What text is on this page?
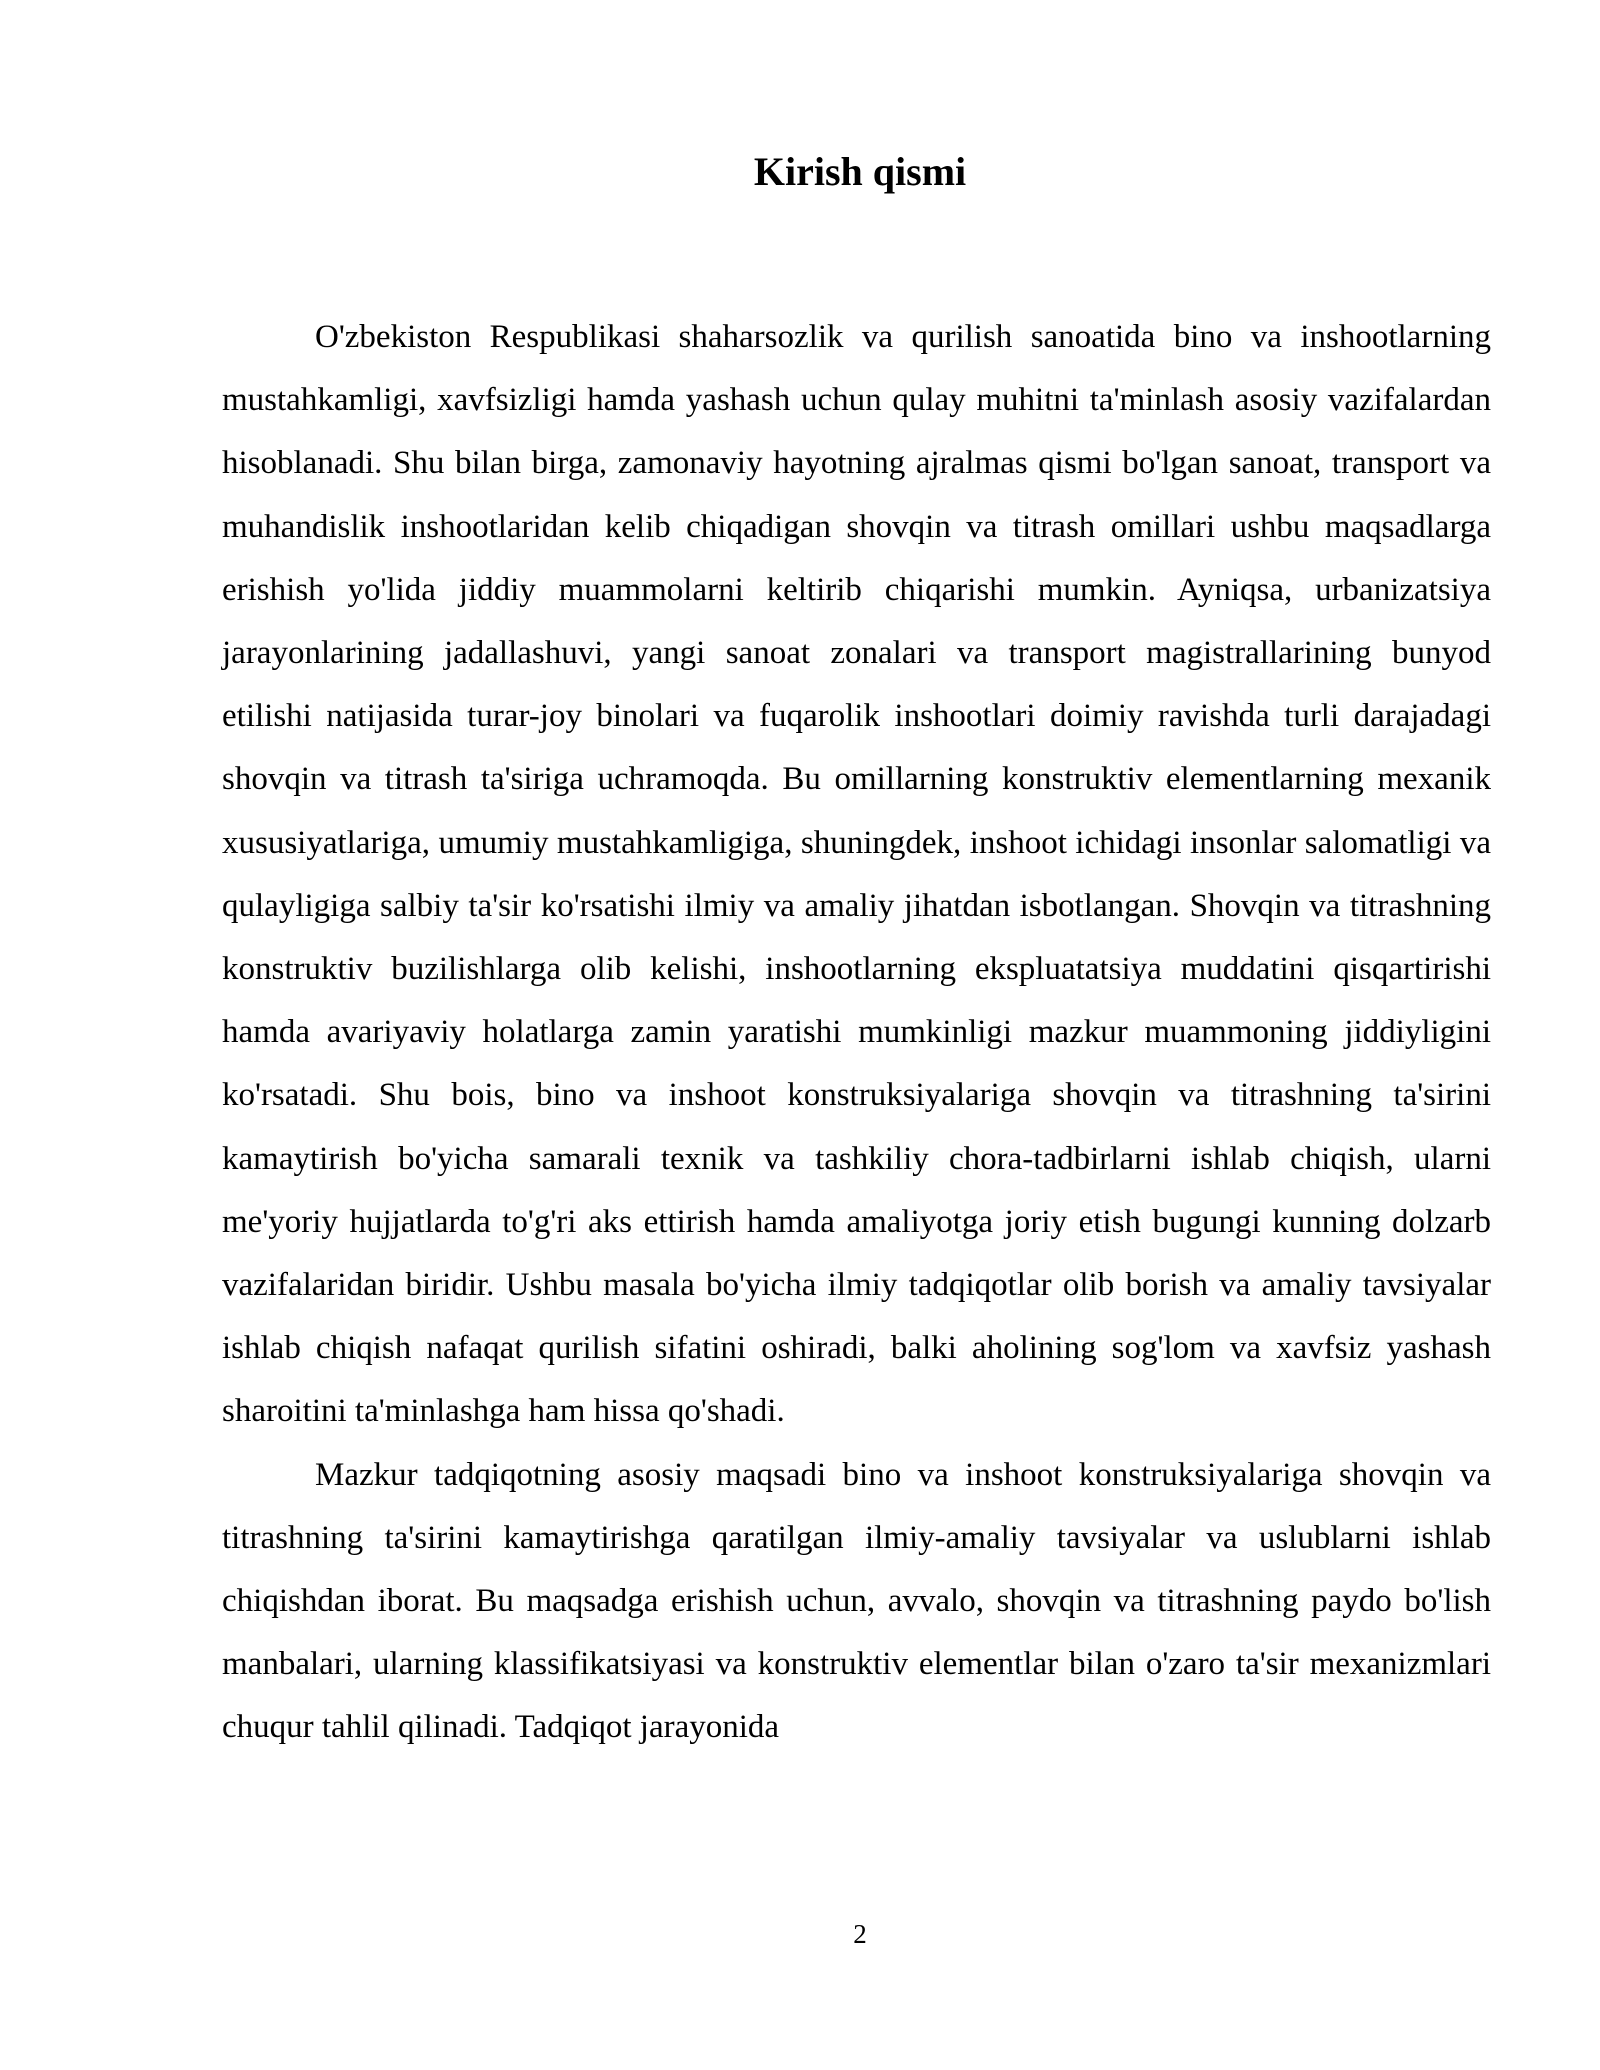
Kirish qismi

O'zbekiston Respublikasi shaharsozlik va qurilish sanoatida bino va inshootlarning mustahkamligi, xavfsizligi hamda yashash uchun qulay muhitni ta'minlash asosiy vazifalardan hisoblanadi. Shu bilan birga, zamonaviy hayotning ajralmas qismi bo'lgan sanoat, transport va muhandislik inshootlaridan kelib chiqadigan shovqin va titrash omillari ushbu maqsadlarga erishish yo'lida jiddiy muammolarni keltirib chiqarishi mumkin. Ayniqsa, urbanizatsiya jarayonlarining jadallashuvi, yangi sanoat zonalari va transport magistrallarining bunyod etilishi natijasida turar-joy binolari va fuqarolik inshootlari doimiy ravishda turli darajadagi shovqin va titrash ta'siriga uchramoqda. Bu omillarning konstruktiv elementlarning mexanik xususiyatlariga, umumiy mustahkamligiga, shuningdek, inshoot ichidagi insonlar salomatligi va qulayligiga salbiy ta'sir ko'rsatishi ilmiy va amaliy jihatdan isbotlangan. Shovqin va titrashning konstruktiv buzilishlarga olib kelishi, inshootlarning ekspluatatsiya muddatini qisqartirishi hamda avariyaviy holatlarga zamin yaratishi mumkinligi mazkur muammoning jiddiyligini ko'rsatadi. Shu bois, bino va inshoot konstruksiyalariga shovqin va titrashning ta'sirini kamaytirish bo'yicha samarali texnik va tashkiliy chora-tadbirlarni ishlab chiqish, ularni me'yoriy hujjatlarda to'g'ri aks ettirish hamda amaliyotga joriy etish bugungi kunning dolzarb vazifalaridan biridir. Ushbu masala bo'yicha ilmiy tadqiqotlar olib borish va amaliy tavsiyalar ishlab chiqish nafaqat qurilish sifatini oshiradi, balki aholining sog'lom va xavfsiz yashash sharoitini ta'minlashga ham hissa qo'shadi.

Mazkur tadqiqotning asosiy maqsadi bino va inshoot konstruksiyalariga shovqin va titrashning ta'sirini kamaytirishga qaratilgan ilmiy-amaliy tavsiyalar va uslublarni ishlab chiqishdan iborat. Bu maqsadga erishish uchun, avvalo, shovqin va titrashning paydo bo'lish manbalari, ularning klassifikatsiyasi va konstruktiv elementlar bilan o'zaro ta'sir mexanizmlari chuqur tahlil qilinadi. Tadqiqot jarayonida

2
